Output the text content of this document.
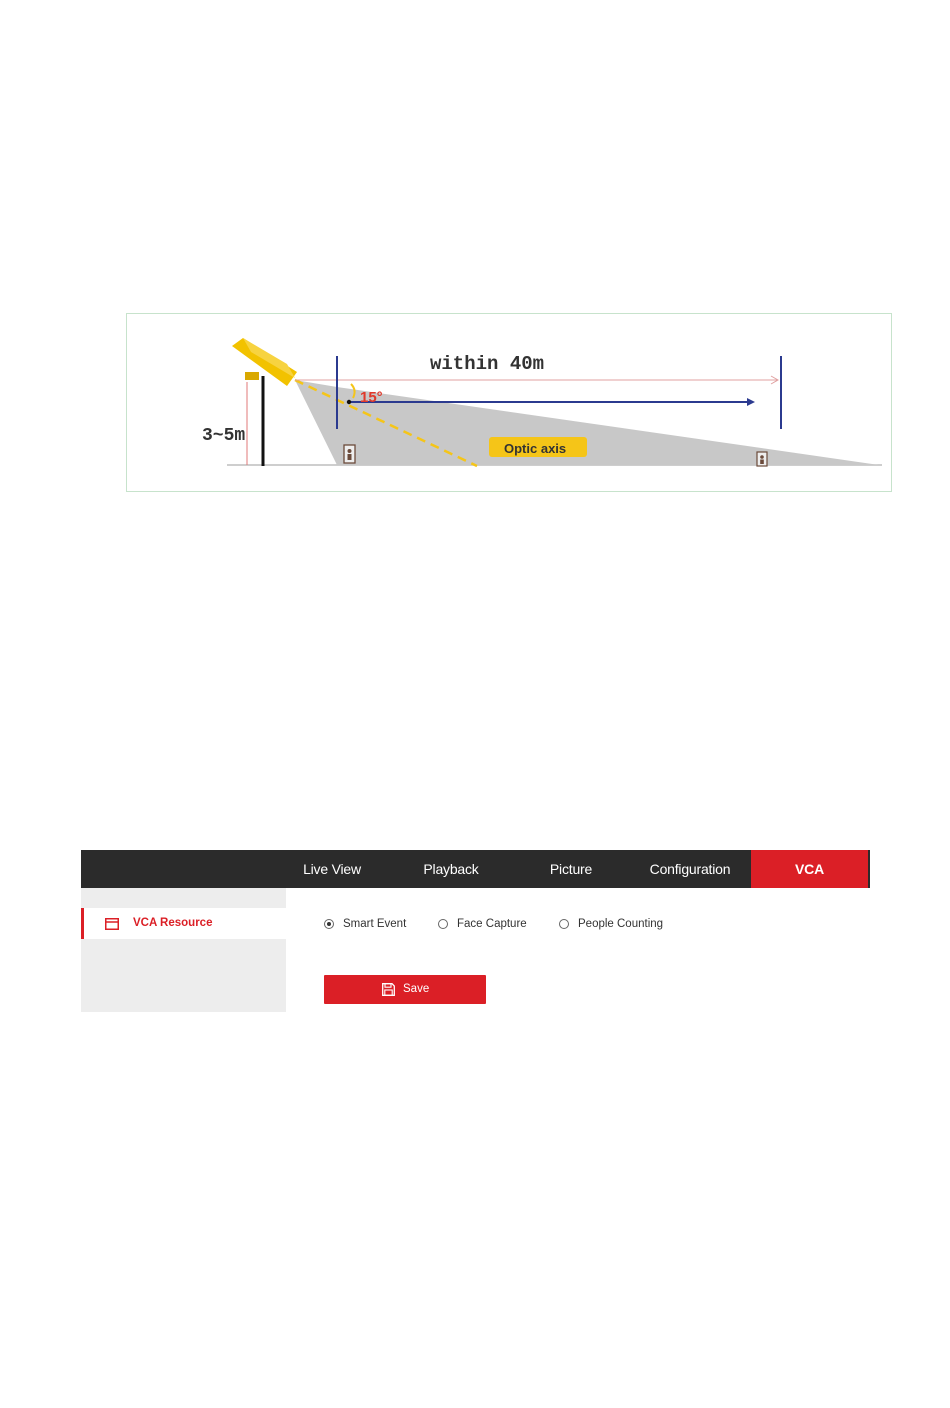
within 40m
15°
3~5m
Optic axis
Live View	Playback	Picture	Configuration	VCA
VCA Resource	Smart Event	Face Capture	People Counting
Save
